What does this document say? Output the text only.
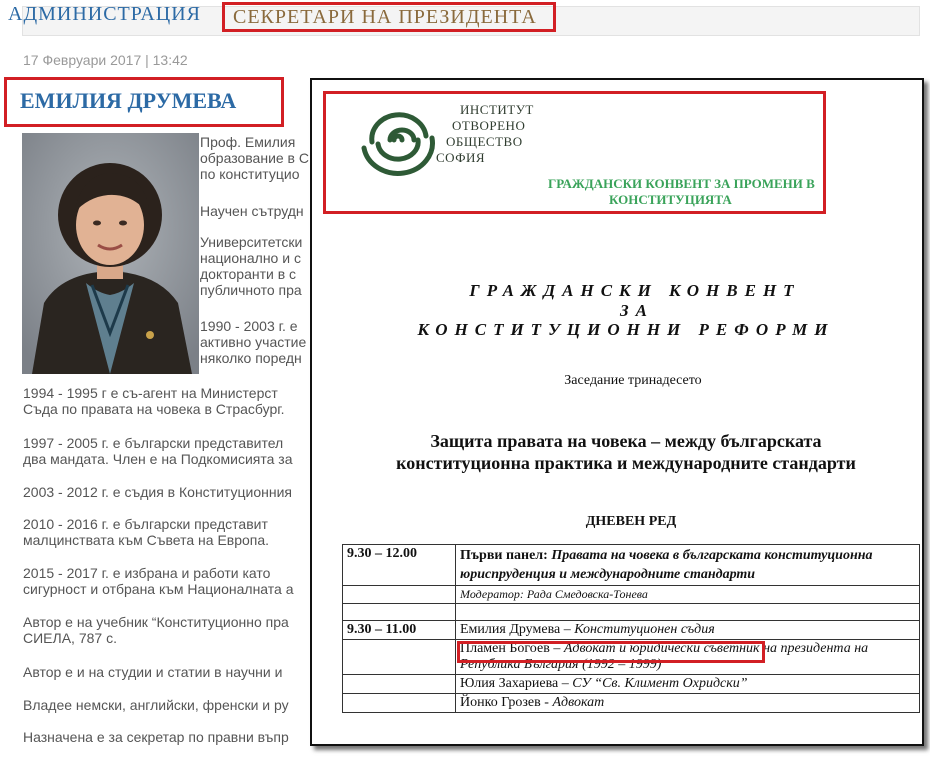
АДМИНИСТРАЦИЯ	СЕКРЕТАРИ НА ПРЕЗИДЕНТА
17 Февруари 2017 | 13:42
ЕМИЛИЯ ДРУМЕВА
Проф. Емилия
образование в С
по конституцио
Научен сътрудн
Университетски
национално и с
докторанти в с
публичното пра
1990 - 2003 г. е
активно участие
няколко поредн
1994 - 1995 г е съ-агент на Министерст
Съда по правата на човека в Страсбург.
1997 - 2005 г. е български представител
два мандата. Член е на Подкомисията за
2003 - 2012 г. е съдия в Конституционния
2010 - 2016 г. е български представит
малцинствата към Съвета на Европа.
2015 - 2017 г. е избрана и работи като
сигурност и отбрана към Националната а
Автор е на учебник “Конституционно пра
СИЕЛА, 787 с.
Автор е и на студии и статии в научни и
Владее немски, английски, френски и ру
Назначена е за секретар по правни въпр
ИНСТИТУТ
ОТВОРЕНО
ОБЩЕСТВО
СОФИЯ
ГРАЖДАНСКИ КОНВЕНТ ЗА ПРОМЕНИ В
КОНСТИТУЦИЯТА
ГРАЖДАНСКИ КОНВЕНТ
ЗА
КОНСТИТУЦИОННИ РЕФОРМИ
Заседание тринадесето
Защита правата на човека – между българската
конституционна практика и международните стандарти
ДНЕВЕН РЕД
9.30 – 12.00	Първи панел: Правата на човека в българската конституционна юриспруденция и международните стандарти
	Модератор: Рада Смедовска-Тонева

9.30 – 11.00	Емилия Друмева – Конституционен съдия
	Пламен Богоев – Адвокат и юридически съветник на президента на Република България (1992 – 1999)
	Юлия Захариева – СУ “Св. Климент Охридски”
	Йонко Грозев - Адвокат
